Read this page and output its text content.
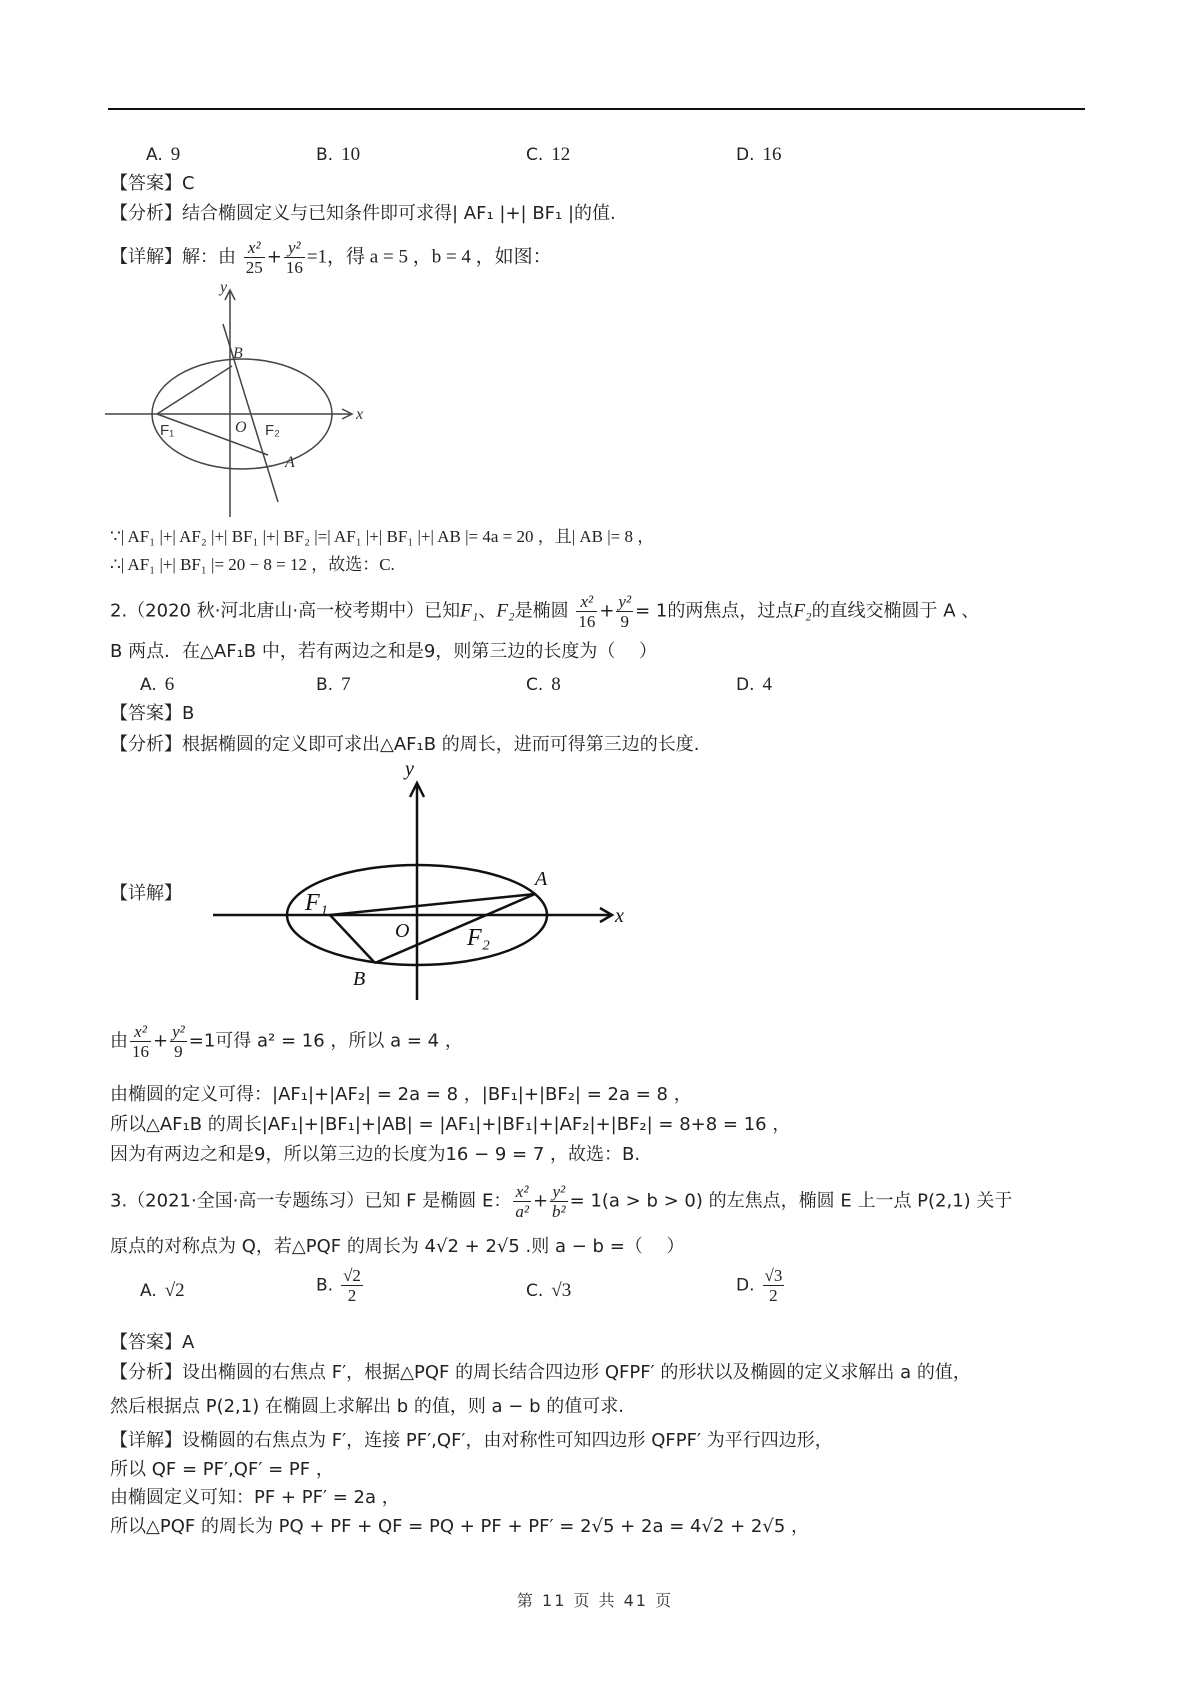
A. 9	B. 10	C. 12	D. 16
【答案】C
【分析】结合椭圆定义与已知条件即可求得| AF₁ |+| BF₁ |的值.
【详解】解：由 $\frac{\text{x²}}{25} + \frac{\text{y²}}{16} =1$，得 a = 5 ，b = 4 ，如图：
y
x
O
B
A
F₁	F₂
∵| AF₁ |+| AF₂ |+| BF₁ |+| BF₂ |=| AF₁ |+| BF₁ |+| AB |= 4a = 20 ，且| AB |= 8 ，
∴| AF₁ |+| BF₁ |= 20 − 8 = 12 ，故选：C.
2.（2020 秋·河北唐山·高一校考期中）已知F₁、F₂是椭圆 $\frac{\text{x²}}{16} + \frac{\text{y²}}{9} = 1$的两焦点，过点F₂的直线交椭圆于 A 、
B 两点．在△AF₁B 中，若有两边之和是9，则第三边的长度为（　 ）
A. 6	B. 7	C. 8	D. 4
【答案】B
【分析】根据椭圆的定义即可求出△AF₁B 的周长，进而可得第三边的长度.
【详解】
y
x
O
A
B
F₁
F₂
由 $\frac{\text{x²}}{16} + \frac{\text{y²}}{9} =1$可得 a² = 16 ，所以 a = 4 ，
由椭圆的定义可得：|AF₁|+|AF₂| = 2a = 8 ，|BF₁|+|BF₂| = 2a = 8 ，
所以△AF₁B 的周长|AF₁|+|BF₁|+|AB| = |AF₁|+|BF₁|+|AF₂|+|BF₂| = 8+8 = 16 ，
因为有两边之和是9，所以第三边的长度为16 − 9 = 7 ，故选：B.
3.（2021·全国·高一专题练习）已知 F 是椭圆 E： $\frac{\text{x²}}{\text{a²}} + \frac{\text{y²}}{\text{b²}} = 1(a > b > 0)$ 的左焦点，椭圆 E 上一点 P(2,1) 关于
原点的对称点为 Q，若△PQF 的周长为 4√2 + 2√5 .则 a − b =（　 ）
A. √2	B. $\frac{√2}{2}$	C. √3	D. $\frac{√3}{2}$
【答案】A
【分析】设出椭圆的右焦点 F′，根据△PQF 的周长结合四边形 QFPF′ 的形状以及椭圆的定义求解出 a 的值，
然后根据点 P(2,1) 在椭圆上求解出 b 的值，则 a − b 的值可求.
【详解】设椭圆的右焦点为 F′，连接 PF′,QF′，由对称性可知四边形 QFPF′ 为平行四边形，
所以 QF = PF′,QF′ = PF ，
由椭圆定义可知：PF + PF′ = 2a ，
所以△PQF 的周长为 PQ + PF + QF = PQ + PF + PF′ = 2√5 + 2a = 4√2 + 2√5 ，
第 11 页 共 41 页
